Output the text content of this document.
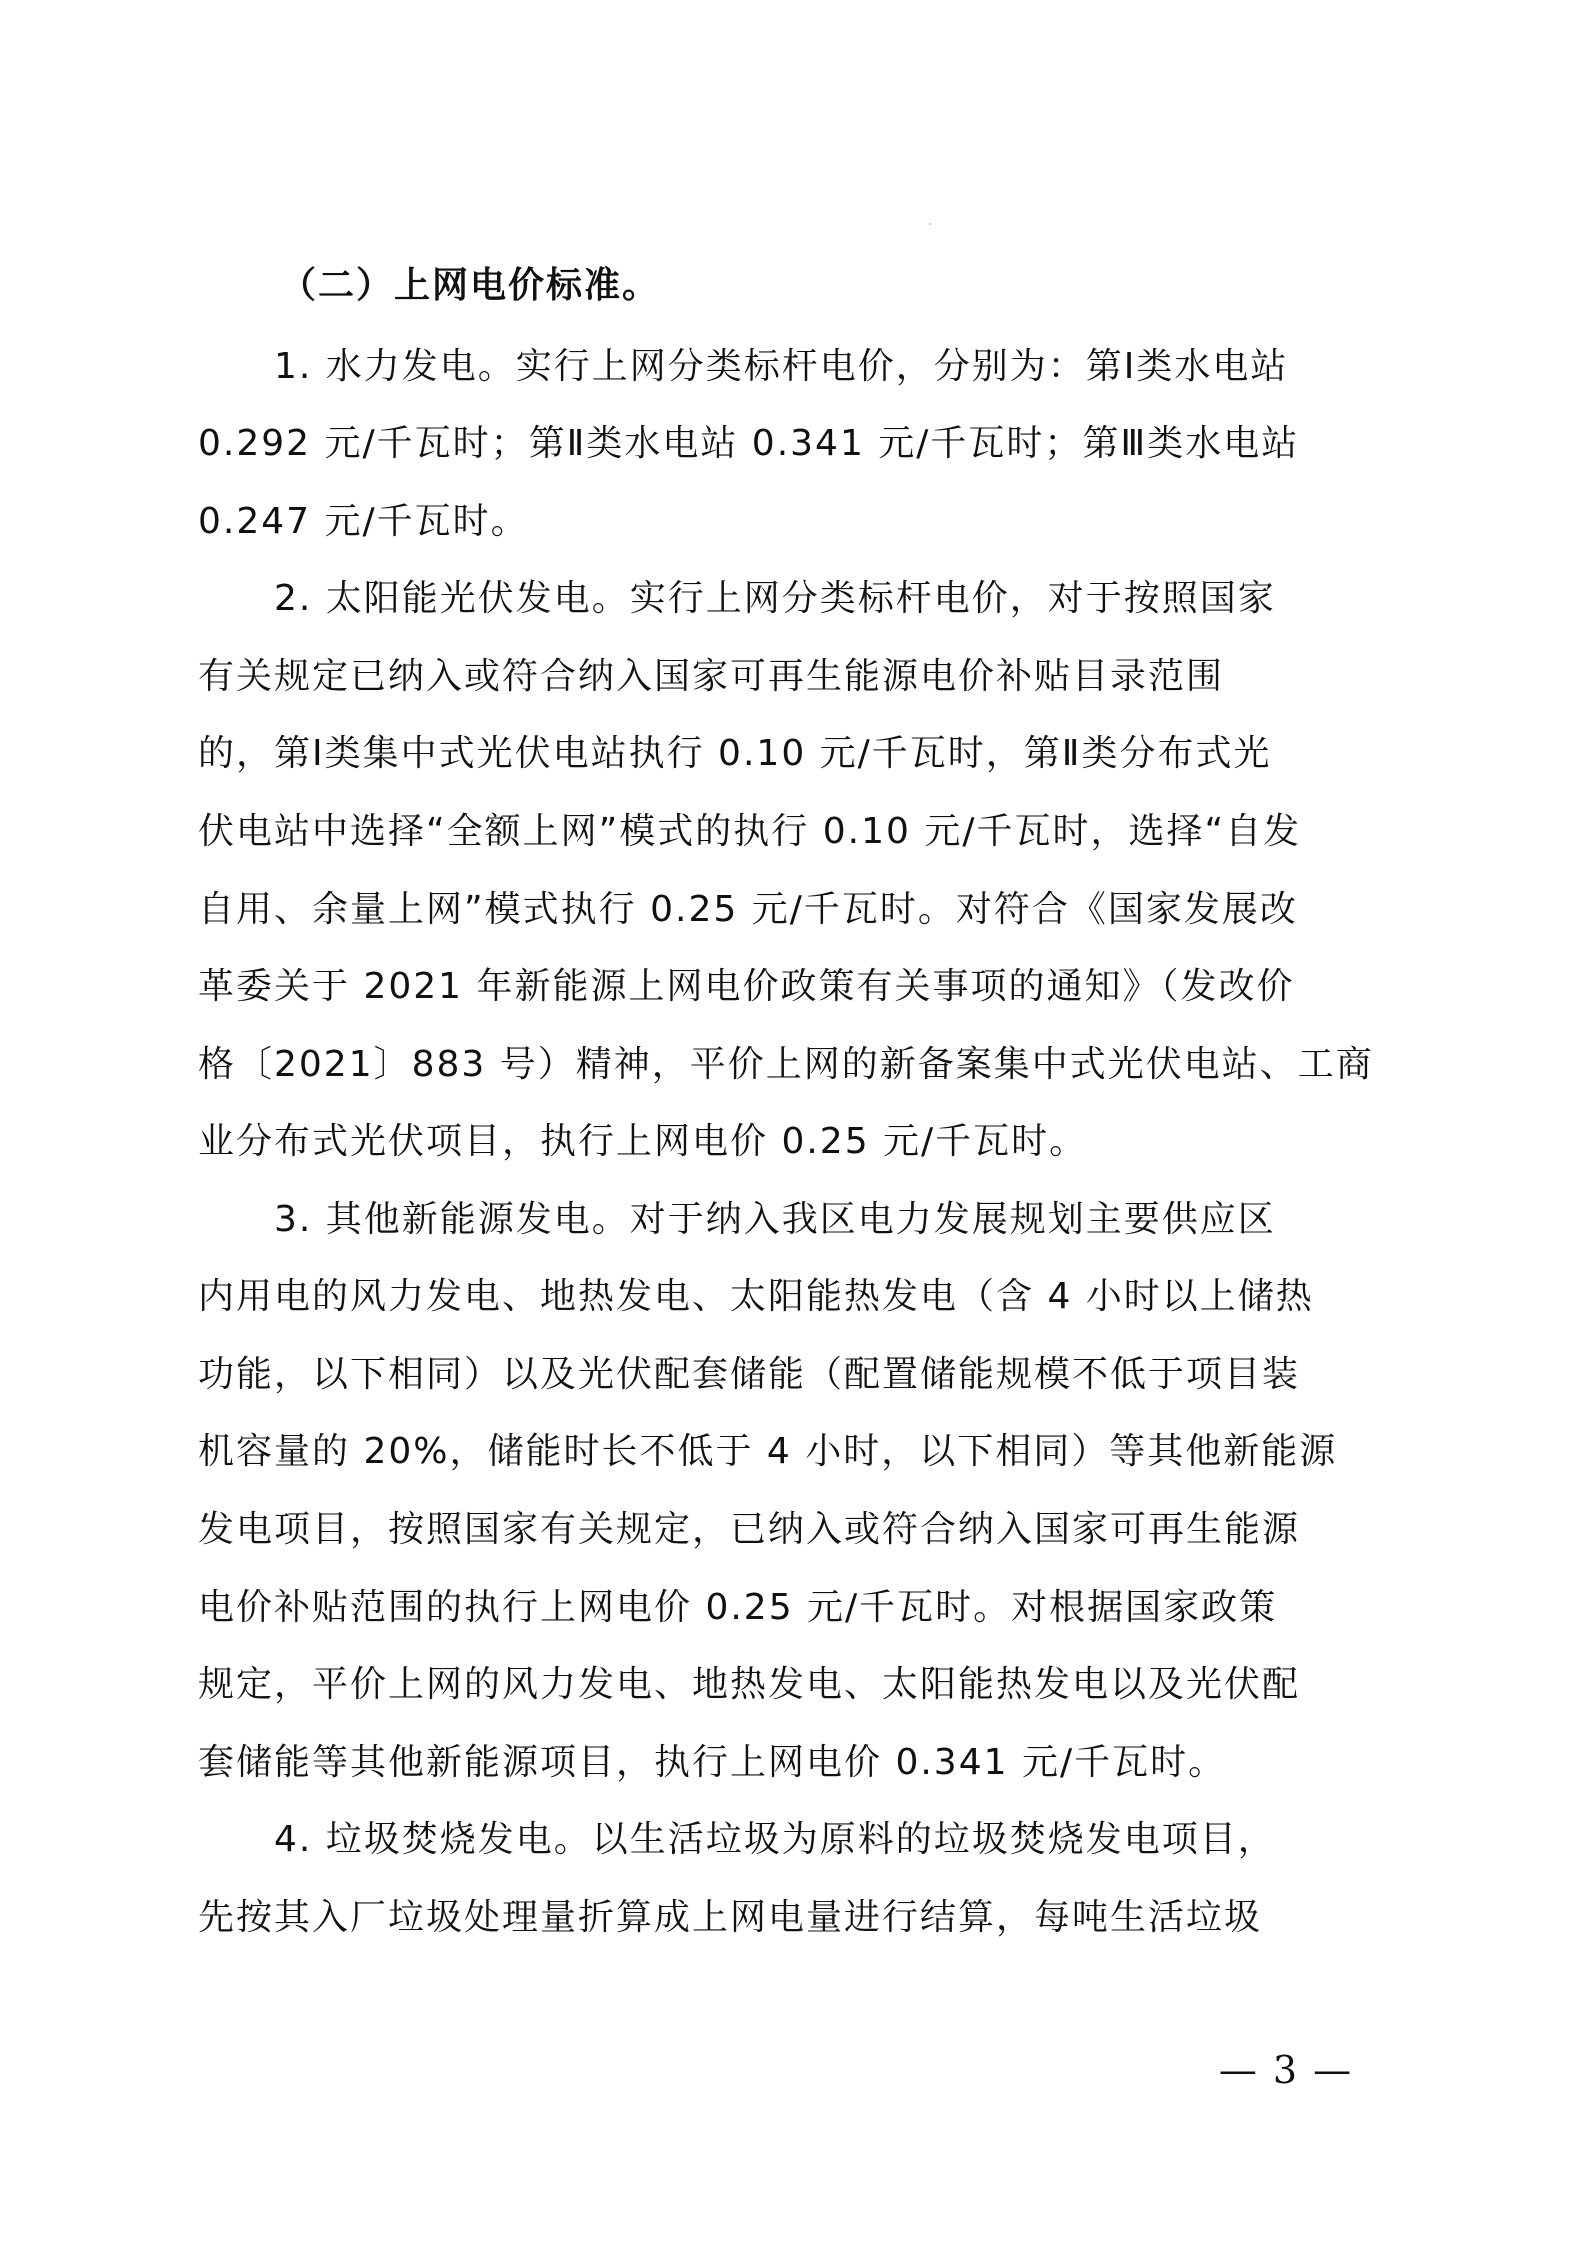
（二）上网电价标准。
　　1. 水力发电。实行上网分类标杆电价，分别为：第Ⅰ类水电站
0.292 元/千瓦时；第Ⅱ类水电站 0.341 元/千瓦时；第Ⅲ类水电站
0.247 元/千瓦时。
　　2. 太阳能光伏发电。实行上网分类标杆电价，对于按照国家
有关规定已纳入或符合纳入国家可再生能源电价补贴目录范围
的，第Ⅰ类集中式光伏电站执行 0.10 元/千瓦时，第Ⅱ类分布式光
伏电站中选择“全额上网”模式的执行 0.10 元/千瓦时，选择“自发
自用、余量上网”模式执行 0.25 元/千瓦时。对符合《国家发展改
革委关于 2021 年新能源上网电价政策有关事项的通知》（发改价
格〔2021〕883 号）精神，平价上网的新备案集中式光伏电站、工商
业分布式光伏项目，执行上网电价 0.25 元/千瓦时。
　　3. 其他新能源发电。对于纳入我区电力发展规划主要供应区
内用电的风力发电、地热发电、太阳能热发电（含 4 小时以上储热
功能，以下相同）以及光伏配套储能（配置储能规模不低于项目装
机容量的 20%，储能时长不低于 4 小时，以下相同）等其他新能源
发电项目，按照国家有关规定，已纳入或符合纳入国家可再生能源
电价补贴范围的执行上网电价 0.25 元/千瓦时。对根据国家政策
规定，平价上网的风力发电、地热发电、太阳能热发电以及光伏配
套储能等其他新能源项目，执行上网电价 0.341 元/千瓦时。
　　4. 垃圾焚烧发电。以生活垃圾为原料的垃圾焚烧发电项目，
先按其入厂垃圾处理量折算成上网电量进行结算，每吨生活垃圾
— 3 —
